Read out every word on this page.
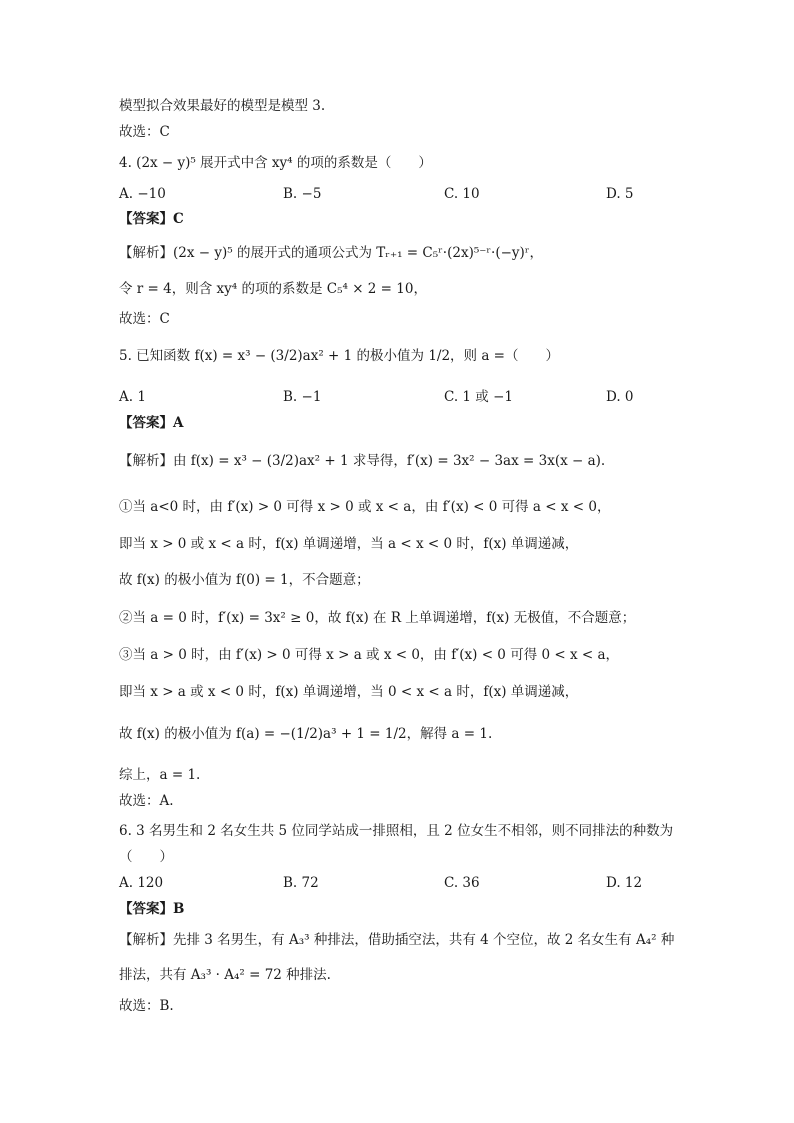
模型拟合效果最好的模型是模型 3.
故选：C
4. (2x − y)⁵ 展开式中含 xy⁴ 的项的系数是（　　）
A. −10	B. −5	C. 10	D. 5
【答案】C
【解析】(2x − y)⁵ 的展开式的通项公式为 Tᵣ₊₁ = C₅ʳ·(2x)⁵⁻ʳ·(−y)ʳ，
令 r = 4，则含 xy⁴ 的项的系数是 C₅⁴ × 2 = 10，
故选：C
5. 已知函数 f(x) = x³ − (3/2)ax² + 1 的极小值为 1/2，则 a =（　　）
A. 1	B. −1	C. 1 或 −1	D. 0
【答案】A
【解析】由 f(x) = x³ − (3/2)ax² + 1 求导得，f′(x) = 3x² − 3ax = 3x(x − a).
①当 a<0 时，由 f′(x) > 0 可得 x > 0 或 x < a，由 f′(x) < 0 可得 a < x < 0，
即当 x > 0 或 x < a 时，f(x) 单调递增，当 a < x < 0 时，f(x) 单调递减，
故 f(x) 的极小值为 f(0) = 1，不合题意；
②当 a = 0 时，f′(x) = 3x² ≥ 0，故 f(x) 在 R 上单调递增，f(x) 无极值，不合题意；
③当 a > 0 时，由 f′(x) > 0 可得 x > a 或 x < 0，由 f′(x) < 0 可得 0 < x < a，
即当 x > a 或 x < 0 时，f(x) 单调递增，当 0 < x < a 时，f(x) 单调递减，
故 f(x) 的极小值为 f(a) = −(1/2)a³ + 1 = 1/2，解得 a = 1.
综上，a = 1.
故选：A.
6. 3 名男生和 2 名女生共 5 位同学站成一排照相，且 2 位女生不相邻，则不同排法的种数为
（　　）
A. 120	B. 72	C. 36	D. 12
【答案】B
【解析】先排 3 名男生，有 A₃³ 种排法，借助插空法，共有 4 个空位，故 2 名女生有 A₄² 种
排法，共有 A₃³ · A₄² = 72 种排法.
故选：B.
